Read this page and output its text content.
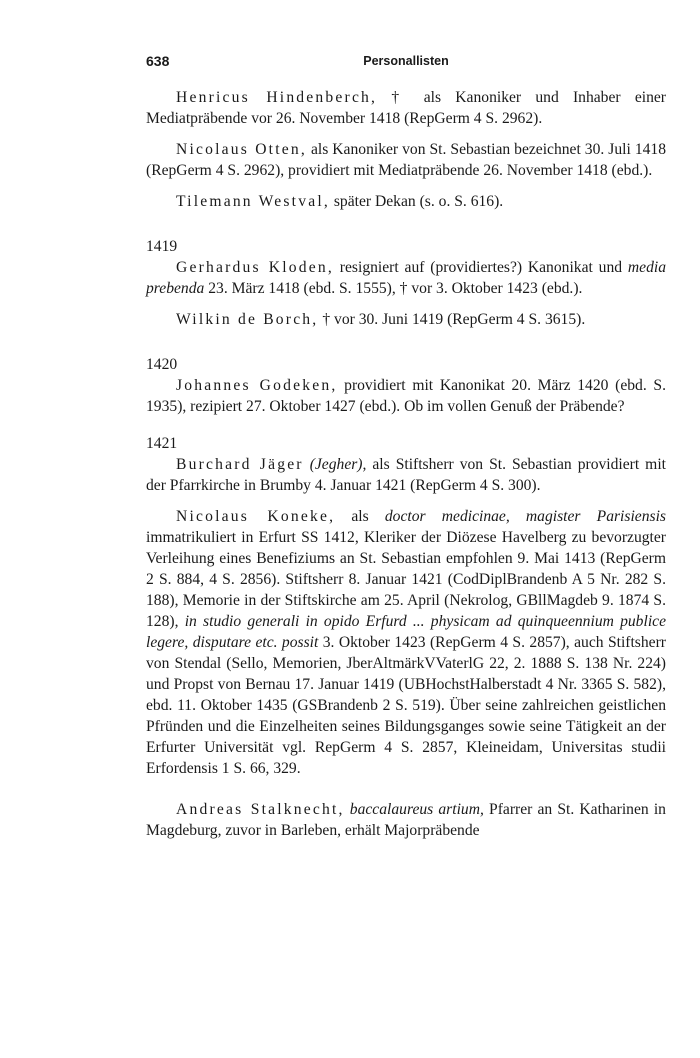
638	Personallisten

Henricus Hindenberch, † als Kanoniker und Inhaber einer Mediatpräbende vor 26. November 1418 (RepGerm 4 S. 2962).

Nicolaus Otten, als Kanoniker von St. Sebastian bezeichnet 30. Juli 1418 (RepGerm 4 S. 2962), providiert mit Mediatpräbende 26. November 1418 (ebd.).

Tilemann Westval, später Dekan (s. o. S. 616).

1419

Gerhardus Kloden, resigniert auf (providiertes?) Kanonikat und media prebenda 23. März 1418 (ebd. S. 1555), † vor 3. Oktober 1423 (ebd.).

Wilkin de Borch, † vor 30. Juni 1419 (RepGerm 4 S. 3615).

1420

Johannes Godeken, providiert mit Kanonikat 20. März 1420 (ebd. S. 1935), rezipiert 27. Oktober 1427 (ebd.). Ob im vollen Genuß der Präbende?

1421

Burchard Jäger (Jegher), als Stiftsherr von St. Sebastian providiert mit der Pfarrkirche in Brumby 4. Januar 1421 (RepGerm 4 S. 300).

Nicolaus Koneke, als doctor medicinae, magister Parisiensis immatrikuliert in Erfurt SS 1412, Kleriker der Diözese Havelberg zu bevorzugter Verleihung eines Benefiziums an St. Sebastian empfohlen 9. Mai 1413 (RepGerm 2 S. 884, 4 S. 2856). Stiftsherr 8. Januar 1421 (CodDiplBrandenb A 5 Nr. 282 S. 188), Memorie in der Stiftskirche am 25. April (Nekrolog, GBllMagdeb 9. 1874 S. 128), in studio generali in opido Erfurd ... physicam ad quinqueennium publice legere, disputare etc. possit 3. Oktober 1423 (RepGerm 4 S. 2857), auch Stiftsherr von Stendal (Sello, Memorien, JberAltmärkVVaterlG 22, 2. 1888 S. 138 Nr. 224) und Propst von Bernau 17. Januar 1419 (UBHochstHalberstadt 4 Nr. 3365 S. 582), ebd. 11. Oktober 1435 (GSBrandenb 2 S. 519). Über seine zahlreichen geistlichen Pfründen und die Einzelheiten seines Bildungsganges sowie seine Tätigkeit an der Erfurter Universität vgl. RepGerm 4 S. 2857, Kleineidam, Universitas studii Erfordensis 1 S. 66, 329.

Andreas Stalknecht, baccalaureus artium, Pfarrer an St. Katharinen in Magdeburg, zuvor in Barleben, erhält Majorpräbende
